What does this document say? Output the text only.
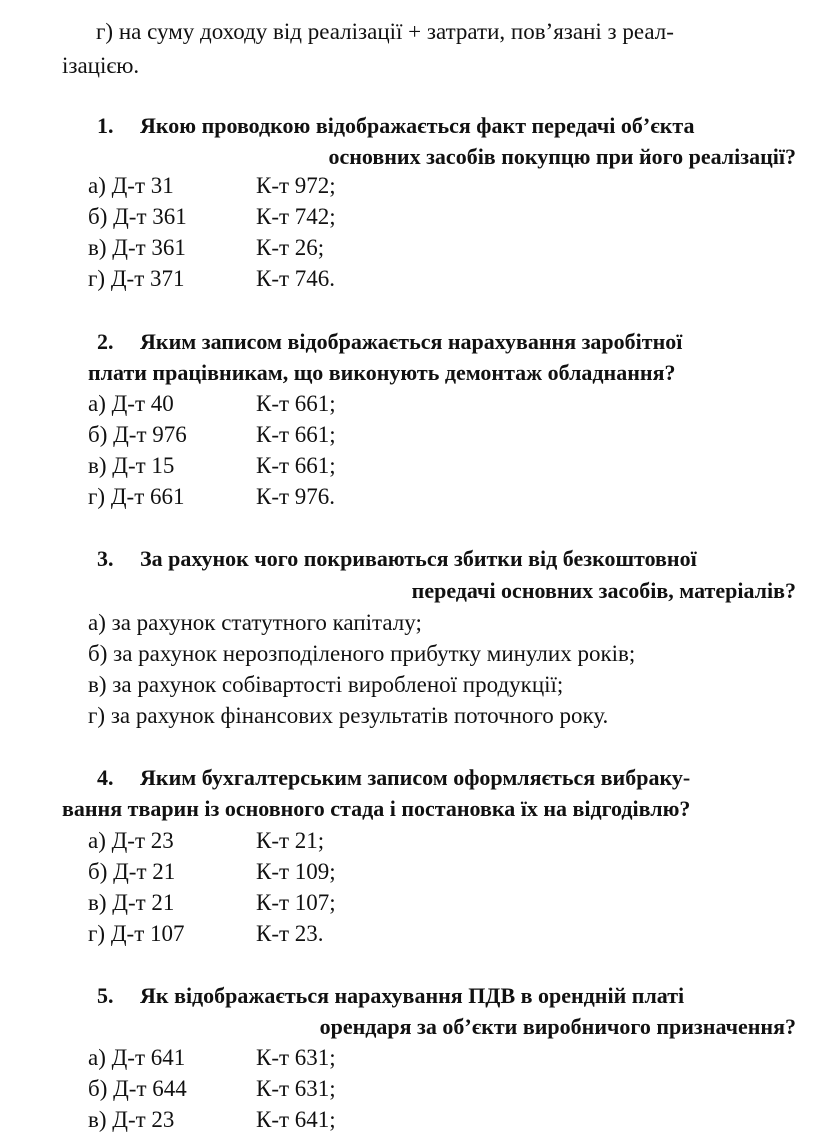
г) на суму доходу від реалізації + затрати, пов’язані з реал-
ізацією.
1. Якою проводкою відображається факт передачі об’єкта
основних засобів покупцю при його реалізації?
а) Д-т 31	К-т 972;
б) Д-т 361	К-т 742;
в) Д-т 361	К-т 26;
г) Д-т 371	К-т 746.
2. Яким записом відображається нарахування заробітної
плати працівникам, що виконують демонтаж обладнання?
а) Д-т 40	К-т 661;
б) Д-т 976	К-т 661;
в) Д-т 15	К-т 661;
г) Д-т 661	К-т 976.
3. За рахунок чого покриваються збитки від безкоштовної
передачі основних засобів, матеріалів?
а) за рахунок статутного капіталу;
б) за рахунок нерозподіленого прибутку минулих років;
в) за рахунок собівартості виробленої продукції;
г) за рахунок фінансових результатів поточного року.
4. Яким бухгалтерським записом оформляється вибраку-
вання тварин із основного стада і постановка їх на відгодівлю?
а) Д-т 23	К-т 21;
б) Д-т 21	К-т 109;
в) Д-т 21	К-т 107;
г) Д-т 107	К-т 23.
5. Як відображається нарахування ПДВ в орендній платі
орендаря за об’єкти виробничого призначення?
а) Д-т 641	К-т 631;
б) Д-т 644	К-т 631;
в) Д-т 23	К-т 641;
